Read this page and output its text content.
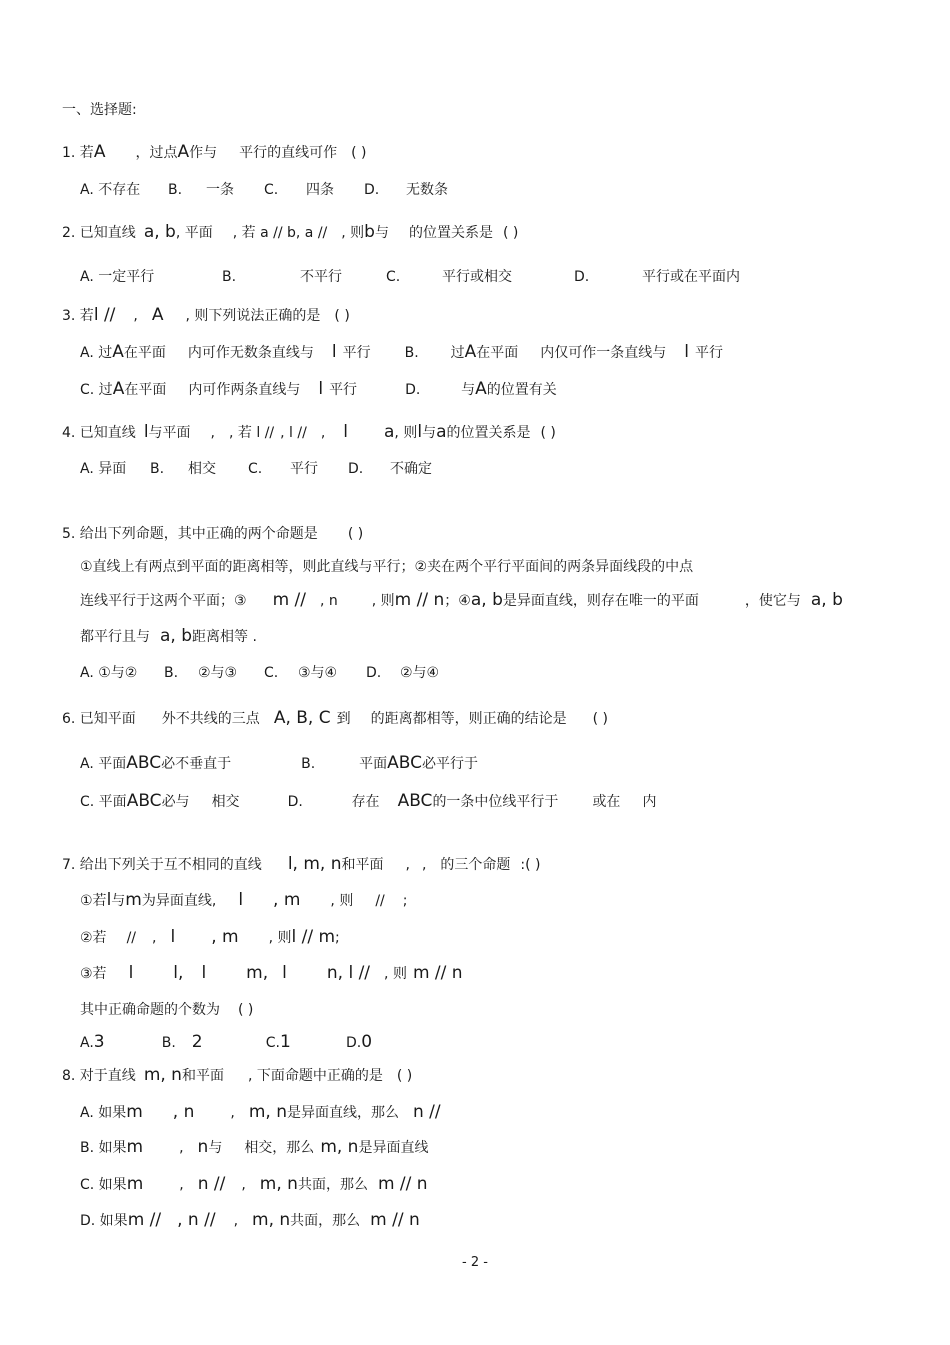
一、选择题:
1. 若A ，过点A作与 平行的直线可作 ( )
A. 不存在 B. 一条 C. 四条 D. 无数条
2. 已知直线 a, b, 平面 , 若 a // b, a // , 则b与 的位置关系是 ( )
A. 一定平行	B.	不平行	C.	平行或相交	D.	平行或在平面内
3. 若l // , A , 则下列说法正确的是 ( )
A. 过A在平面 内可作无数条直线与 l 平行 B. 过A在平面 内仅可作一条直线与 l 平行
C. 过A在平面 内可作两条直线与 l 平行	D.	与A的位置有关
4. 已知直线 l与平面 , , 若 l // , l // , l a, 则l与a的位置关系是 ( )
A. 异面 B. 相交 C. 平行 D. 不确定
5. 给出下列命题，其中正确的两个命题是 ( )
①直线上有两点到平面的距离相等，则此直线与平行；②夹在两个平行平面间的两条异面线段的中点
连线平行于这两个平面；③ m // , n , 则m // n；④a, b是异面直线，则存在唯一的平面	，使它与 a, b
都平行且与 a, b距离相等 .
A. ①与② B. ②与③ C. ③与④ D. ②与④
6. 已知平面 外不共线的三点 A, B, C 到 的距离都相等，则正确的结论是 ( )
A. 平面ABC必不垂直于	B.	平面ABC必平行于
C. 平面ABC必与 相交	D.	存在 ABC的一条中位线平行于 或在 内
7. 给出下列关于互不相同的直线 l, m, n和平面 , , 的三个命题 :( )
①若l与m为异面直线, l , m , 则 // ;
②若 // , l , m , 则l // m;
③若 l l, l m, l n, l // , 则m // n
其中正确命题的个数为 ( )
A.3	B. 2	C.1	D.0
8. 对于直线 m, n和平面 , 下面命题中正确的是 ( )
A. 如果m , n	, m, n是异面直线，那么 n //
B. 如果m	, n与 相交，那么 m, n是异面直线
C. 如果m	, n // , m, n共面，那么 m // n
D. 如果m // , n // , m, n共面，那么 m // n
- 2 -
